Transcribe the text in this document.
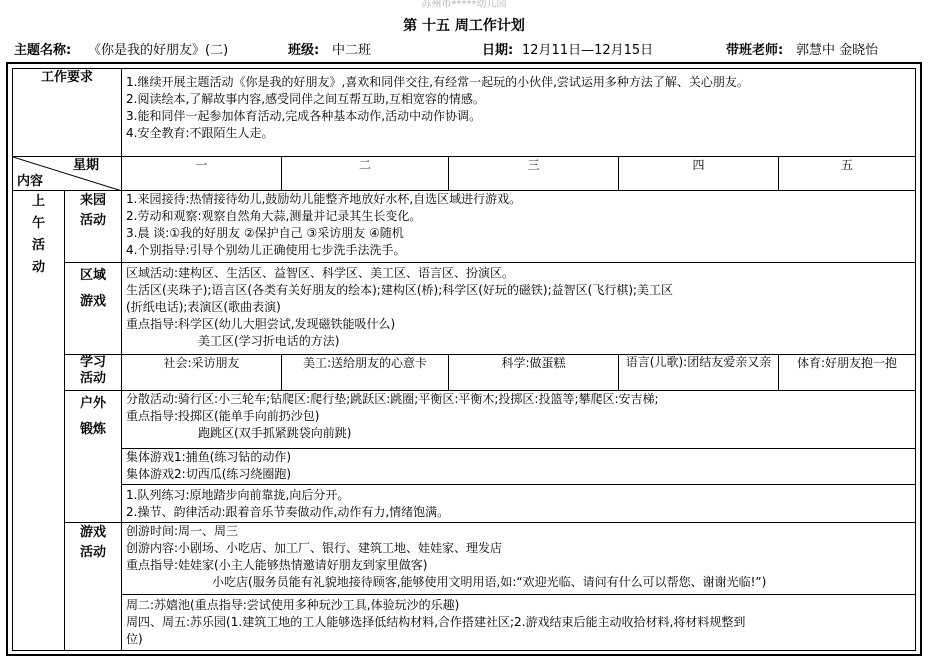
苏州市*****幼儿园
第 十五 周工作计划
主题名称: 《你是我的好朋友》(二)	班级: 中二班	日期: 12月11日—12月15日	带班老师: 郭慧中 金晓怡
工作要求		1.继续开展主题活动《你是我的好朋友》,喜欢和同伴交往,有经常一起玩的小伙伴,尝试运用多种方法了解、关心朋友。
2.阅读绘本,了解故事内容,感受同伴之间互帮互助,互相宽容的情感。
3.能和同伴一起参加体育活动,完成各种基本动作,活动中动作协调。
4.安全教育:不跟陌生人走。				

星期
内容		一	二	三	四	五
上午活动	来园活动	1.来园接待:热情接待幼儿,鼓励幼儿能整齐地放好水杯,自选区域进行游戏。
2.劳动和观察:观察自然角大蒜,测量并记录其生长变化。
3.晨 谈:①我的好朋友 ②保护自己 ③采访朋友 ④随机
4.个别指导:引导个别幼儿正确使用七步洗手法洗手。				

	区域游戏	区域活动:建构区、生活区、益智区、科学区、美工区、语言区、扮演区。
生活区(夹珠子);语言区(各类有关好朋友的绘本);建构区(桥);科学区(好玩的磁铁);益智区(飞行棋);美工区
(折纸电话);表演区(歌曲表演)
重点指导:科学区(幼儿大胆尝试,发现磁铁能吸什么)
美工区(学习折电话的方法)				

	学习活动	社会:采访朋友	美工:送给朋友的心意卡	科学:做蛋糕	语言(儿歌):团结友爱亲又亲	体育:好朋友抱一抱
	户外锻炼	分散活动:骑行区:小三轮车;钻爬区:爬行垫;跳跃区:跳圈;平衡区:平衡木;投掷区:投篮等;攀爬区:安吉梯;
重点指导:投掷区(能单手向前扔沙包)
跑跳区(双手抓紧跳袋向前跳)				

		集体游戏1:捕鱼(练习钻的动作)
集体游戏2:切西瓜(练习绕圈跑)				

		1.队列练习:原地踏步向前靠拢,向后分开。
2.操节、韵律活动:跟着音乐节奏做动作,动作有力,情绪饱满。				

	游戏活动	创游时间:周一、周三
创游内容:小剧场、小吃店、加工厂、银行、建筑工地、娃娃家、理发店
重点指导:娃娃家(小主人能够热情邀请好朋友到家里做客)
小吃店(服务员能有礼貌地接待顾客,能够使用文明用语,如:“欢迎光临、请问有什么可以帮您、谢谢光临!”)				

		周二:苏嬉池(重点指导:尝试使用多种玩沙工具,体验玩沙的乐趣)
周四、周五:苏乐园(1.建筑工地的工人能够选择低结构材料,合作搭建社区;2.游戏结束后能主动收拾材料,将材料规整到
位)				
